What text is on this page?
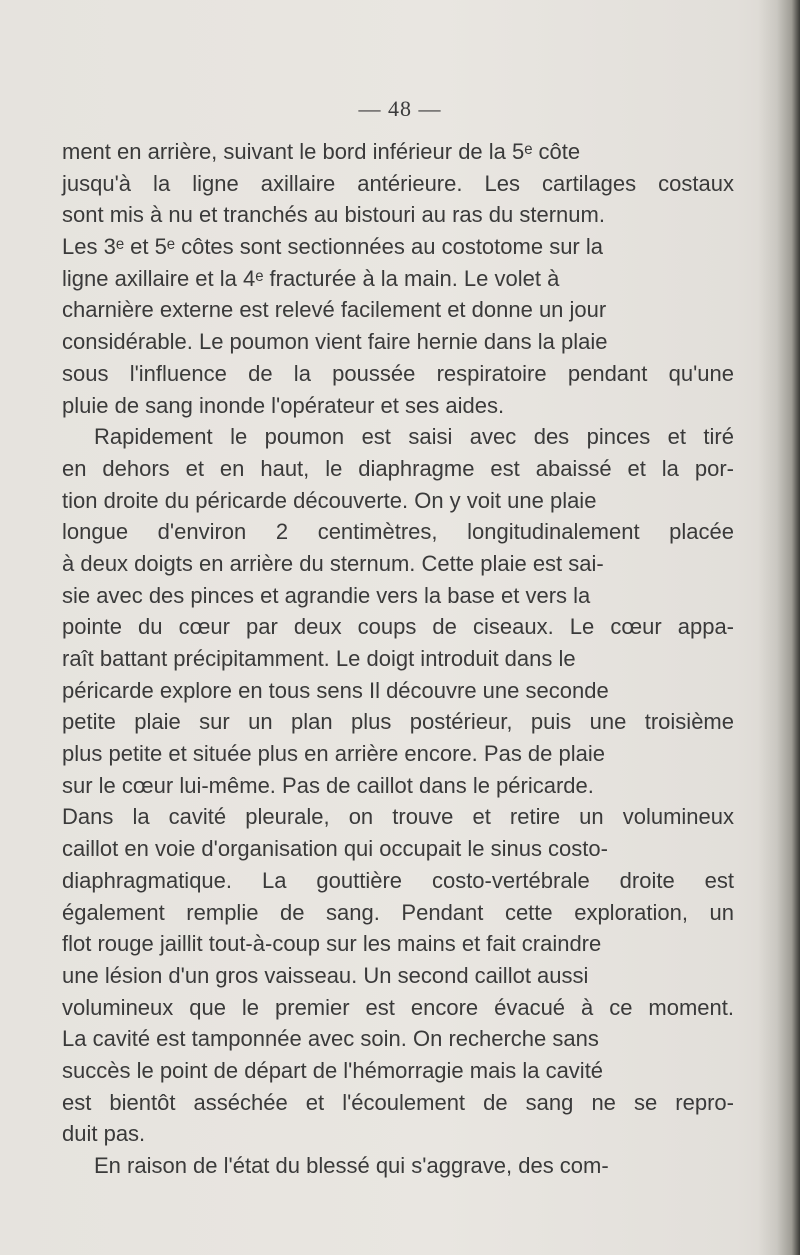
— 48 —
ment en arrière, suivant le bord inférieur de la 5ᵉ côte
jusqu'à la ligne axillaire antérieure. Les cartilages costaux
sont mis à nu et tranchés au bistouri au ras du sternum.
Les 3ᵉ et 5ᵉ côtes sont sectionnées au costotome sur la
ligne axillaire et la 4ᵉ fracturée à la main. Le volet à
charnière externe est relevé facilement et donne un jour
considérable. Le poumon vient faire hernie dans la plaie
sous l'influence de la poussée respiratoire pendant qu'une
pluie de sang inonde l'opérateur et ses aides.
Rapidement le poumon est saisi avec des pinces et tiré
en dehors et en haut, le diaphragme est abaissé et la por-
tion droite du péricarde découverte. On y voit une plaie
longue d'environ 2 centimètres, longitudinalement placée
à deux doigts en arrière du sternum. Cette plaie est sai-
sie avec des pinces et agrandie vers la base et vers la
pointe du cœur par deux coups de ciseaux. Le cœur appa-
raît battant précipitamment. Le doigt introduit dans le
péricarde explore en tous sens Il découvre une seconde
petite plaie sur un plan plus postérieur, puis une troisième
plus petite et située plus en arrière encore. Pas de plaie
sur le cœur lui-même. Pas de caillot dans le péricarde.
Dans la cavité pleurale, on trouve et retire un volumineux
caillot en voie d'organisation qui occupait le sinus costo-
diaphragmatique. La gouttière costo-vertébrale droite est
également remplie de sang. Pendant cette exploration, un
flot rouge jaillit tout-à-coup sur les mains et fait craindre
une lésion d'un gros vaisseau. Un second caillot aussi
volumineux que le premier est encore évacué à ce moment.
La cavité est tamponnée avec soin. On recherche sans
succès le point de départ de l'hémorragie mais la cavité
est bientôt asséchée et l'écoulement de sang ne se repro-
duit pas.
En raison de l'état du blessé qui s'aggrave, des com-
